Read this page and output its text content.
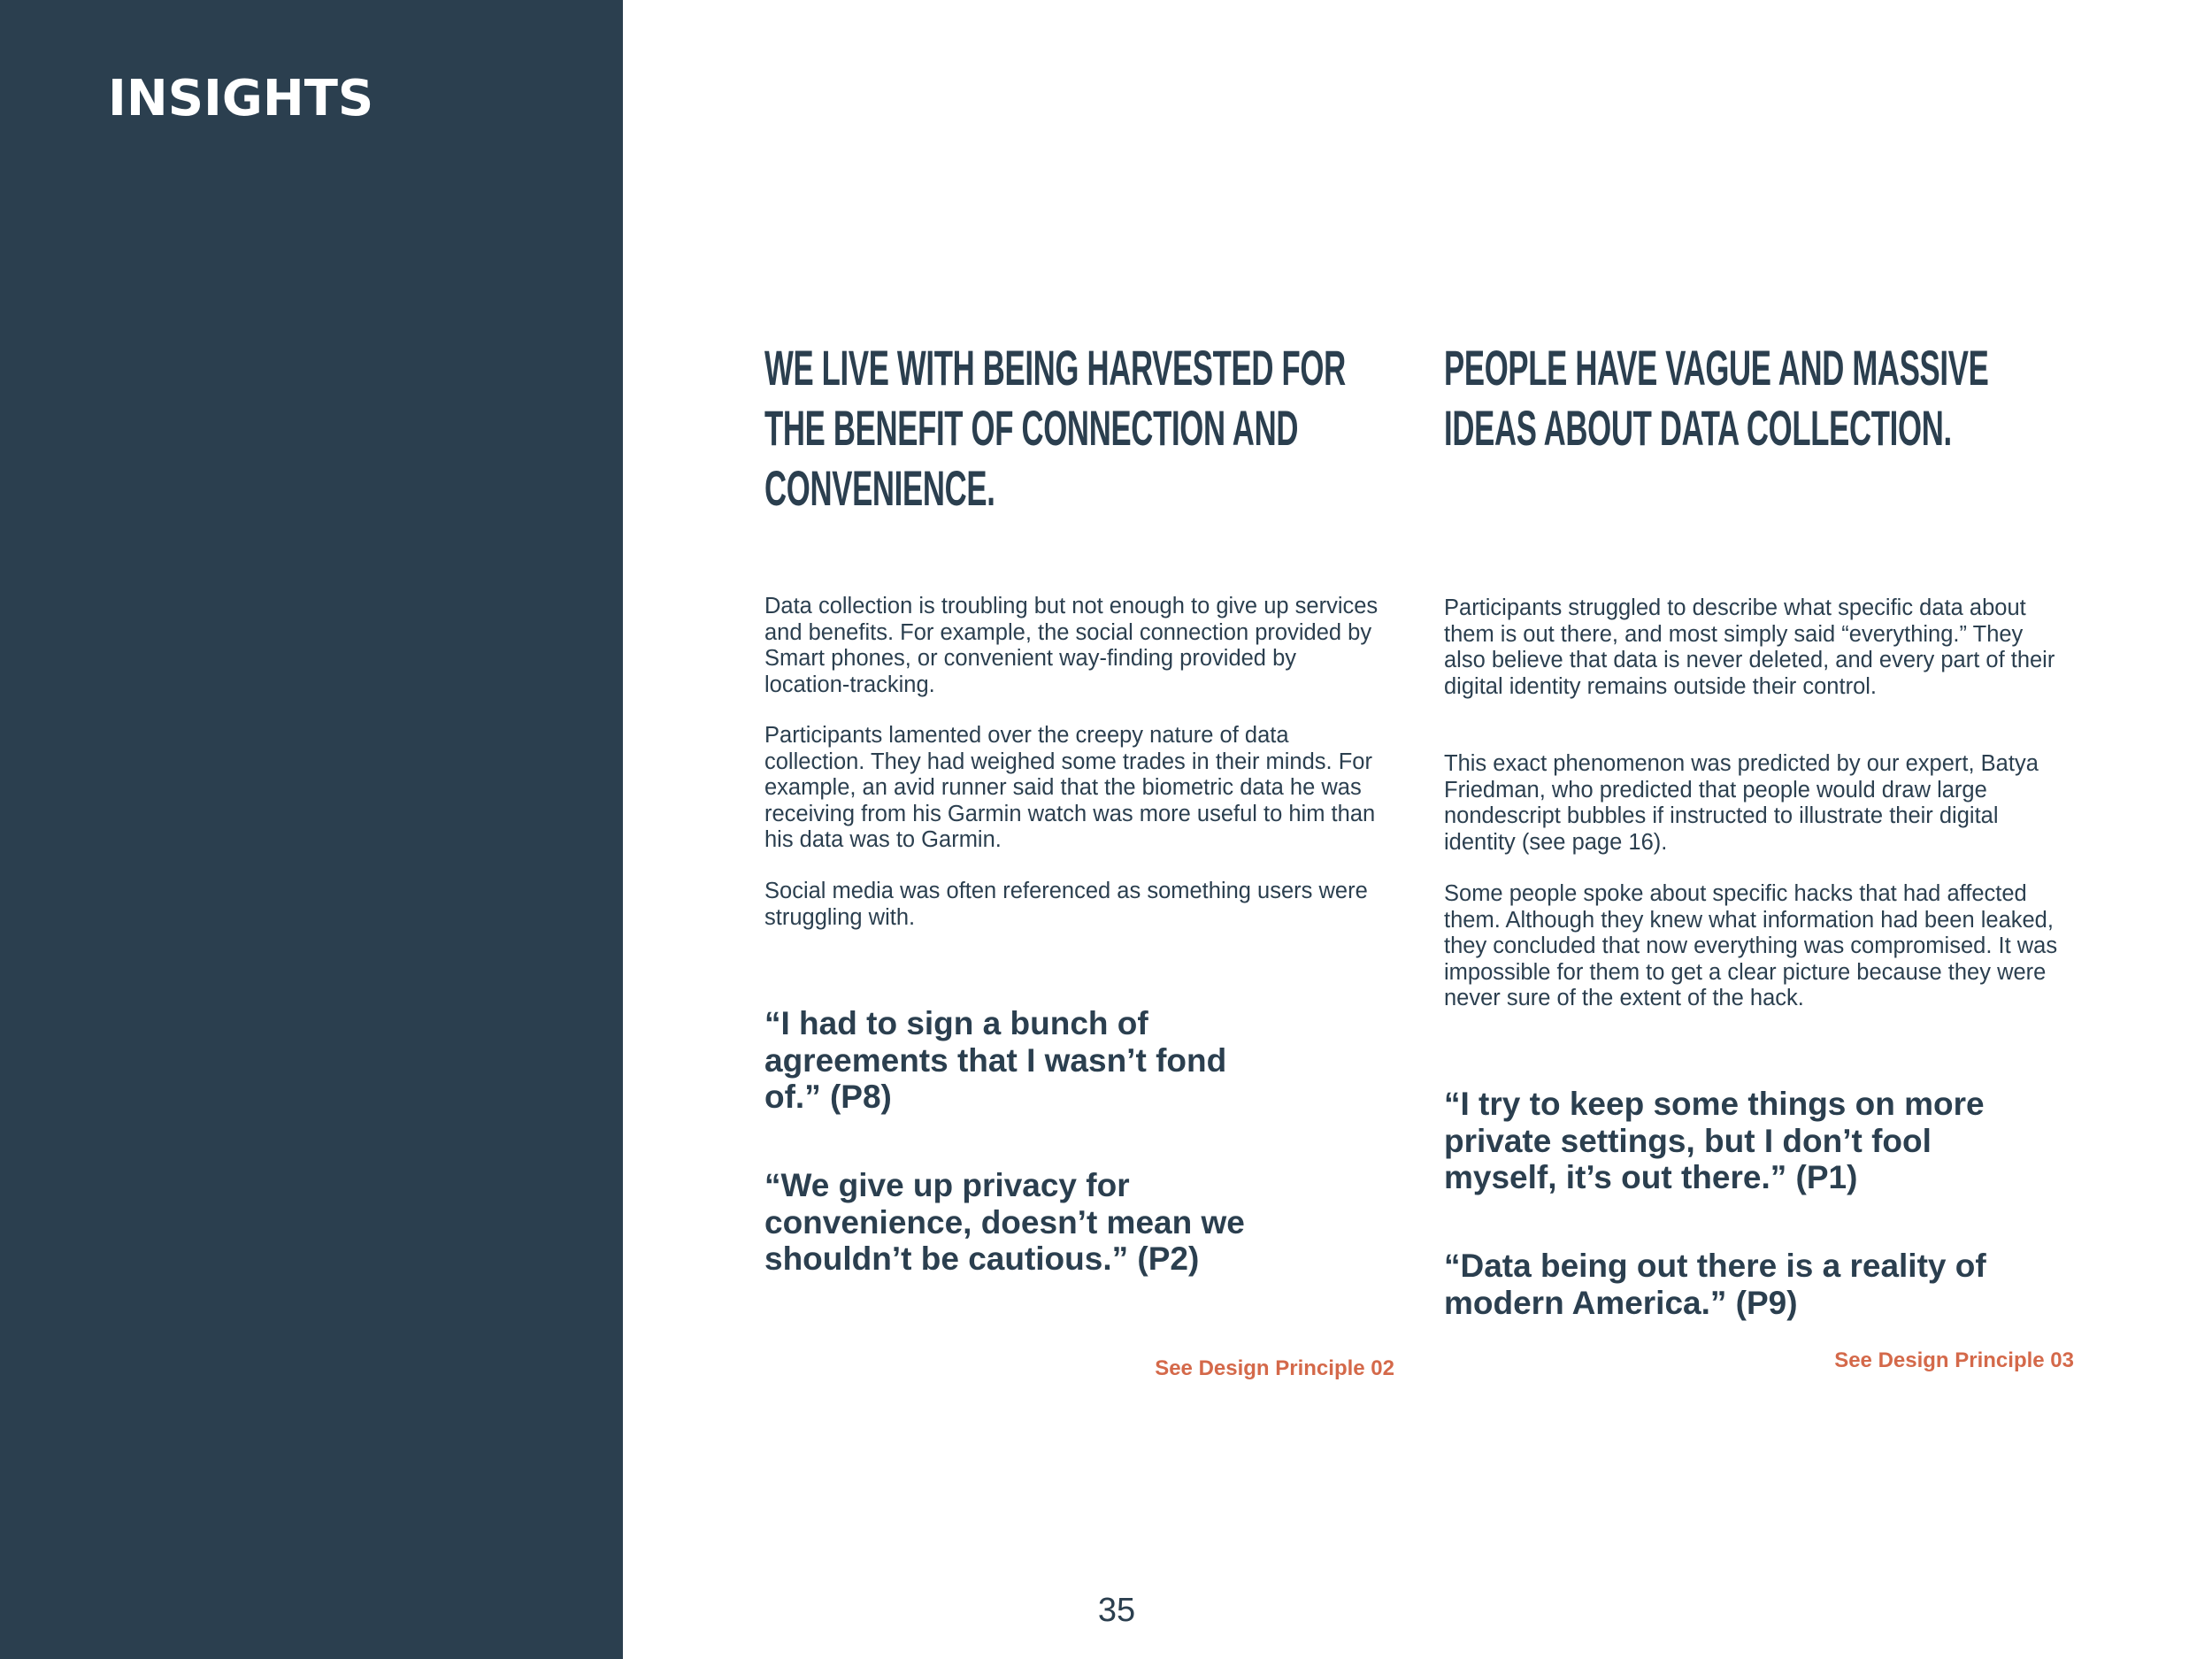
INSIGHTS
WE LIVE WITH BEING HARVESTED FOR THE BENEFIT OF CONNECTION AND CONVENIENCE.

Data collection is troubling but not enough to give up services and benefits. For example, the social connection provided by Smart phones, or convenient way-finding provided by location-tracking.

Participants lamented over the creepy nature of data collection. They had weighed some trades in their minds. For example, an avid runner said that the biometric data he was receiving from his Garmin watch was more useful to him than his data was to Garmin.

Social media was often referenced as something users were struggling with.

“I had to sign a bunch of agreements that I wasn’t fond of.” (P8)

“We give up privacy for convenience, doesn’t mean we shouldn’t be cautious.” (P2)

See Design Principle 02
PEOPLE HAVE VAGUE AND MASSIVE IDEAS ABOUT DATA COLLECTION.

Participants struggled to describe what specific data about them is out there, and most simply said “everything.” They also believe that data is never deleted, and every part of their digital identity remains outside their control.

This exact phenomenon was predicted by our expert, Batya Friedman, who predicted that people would draw large nondescript bubbles if instructed to illustrate their digital identity (see page 16).

Some people spoke about specific hacks that had affected them. Although they knew what information had been leaked, they concluded that now everything was compromised. It was impossible for them to get a clear picture because they were never sure of the extent of the hack.

“I try to keep some things on more private settings, but I don’t fool myself, it’s out there.” (P1)

“Data being out there is a reality of modern America.” (P9)

See Design Principle 03
35
